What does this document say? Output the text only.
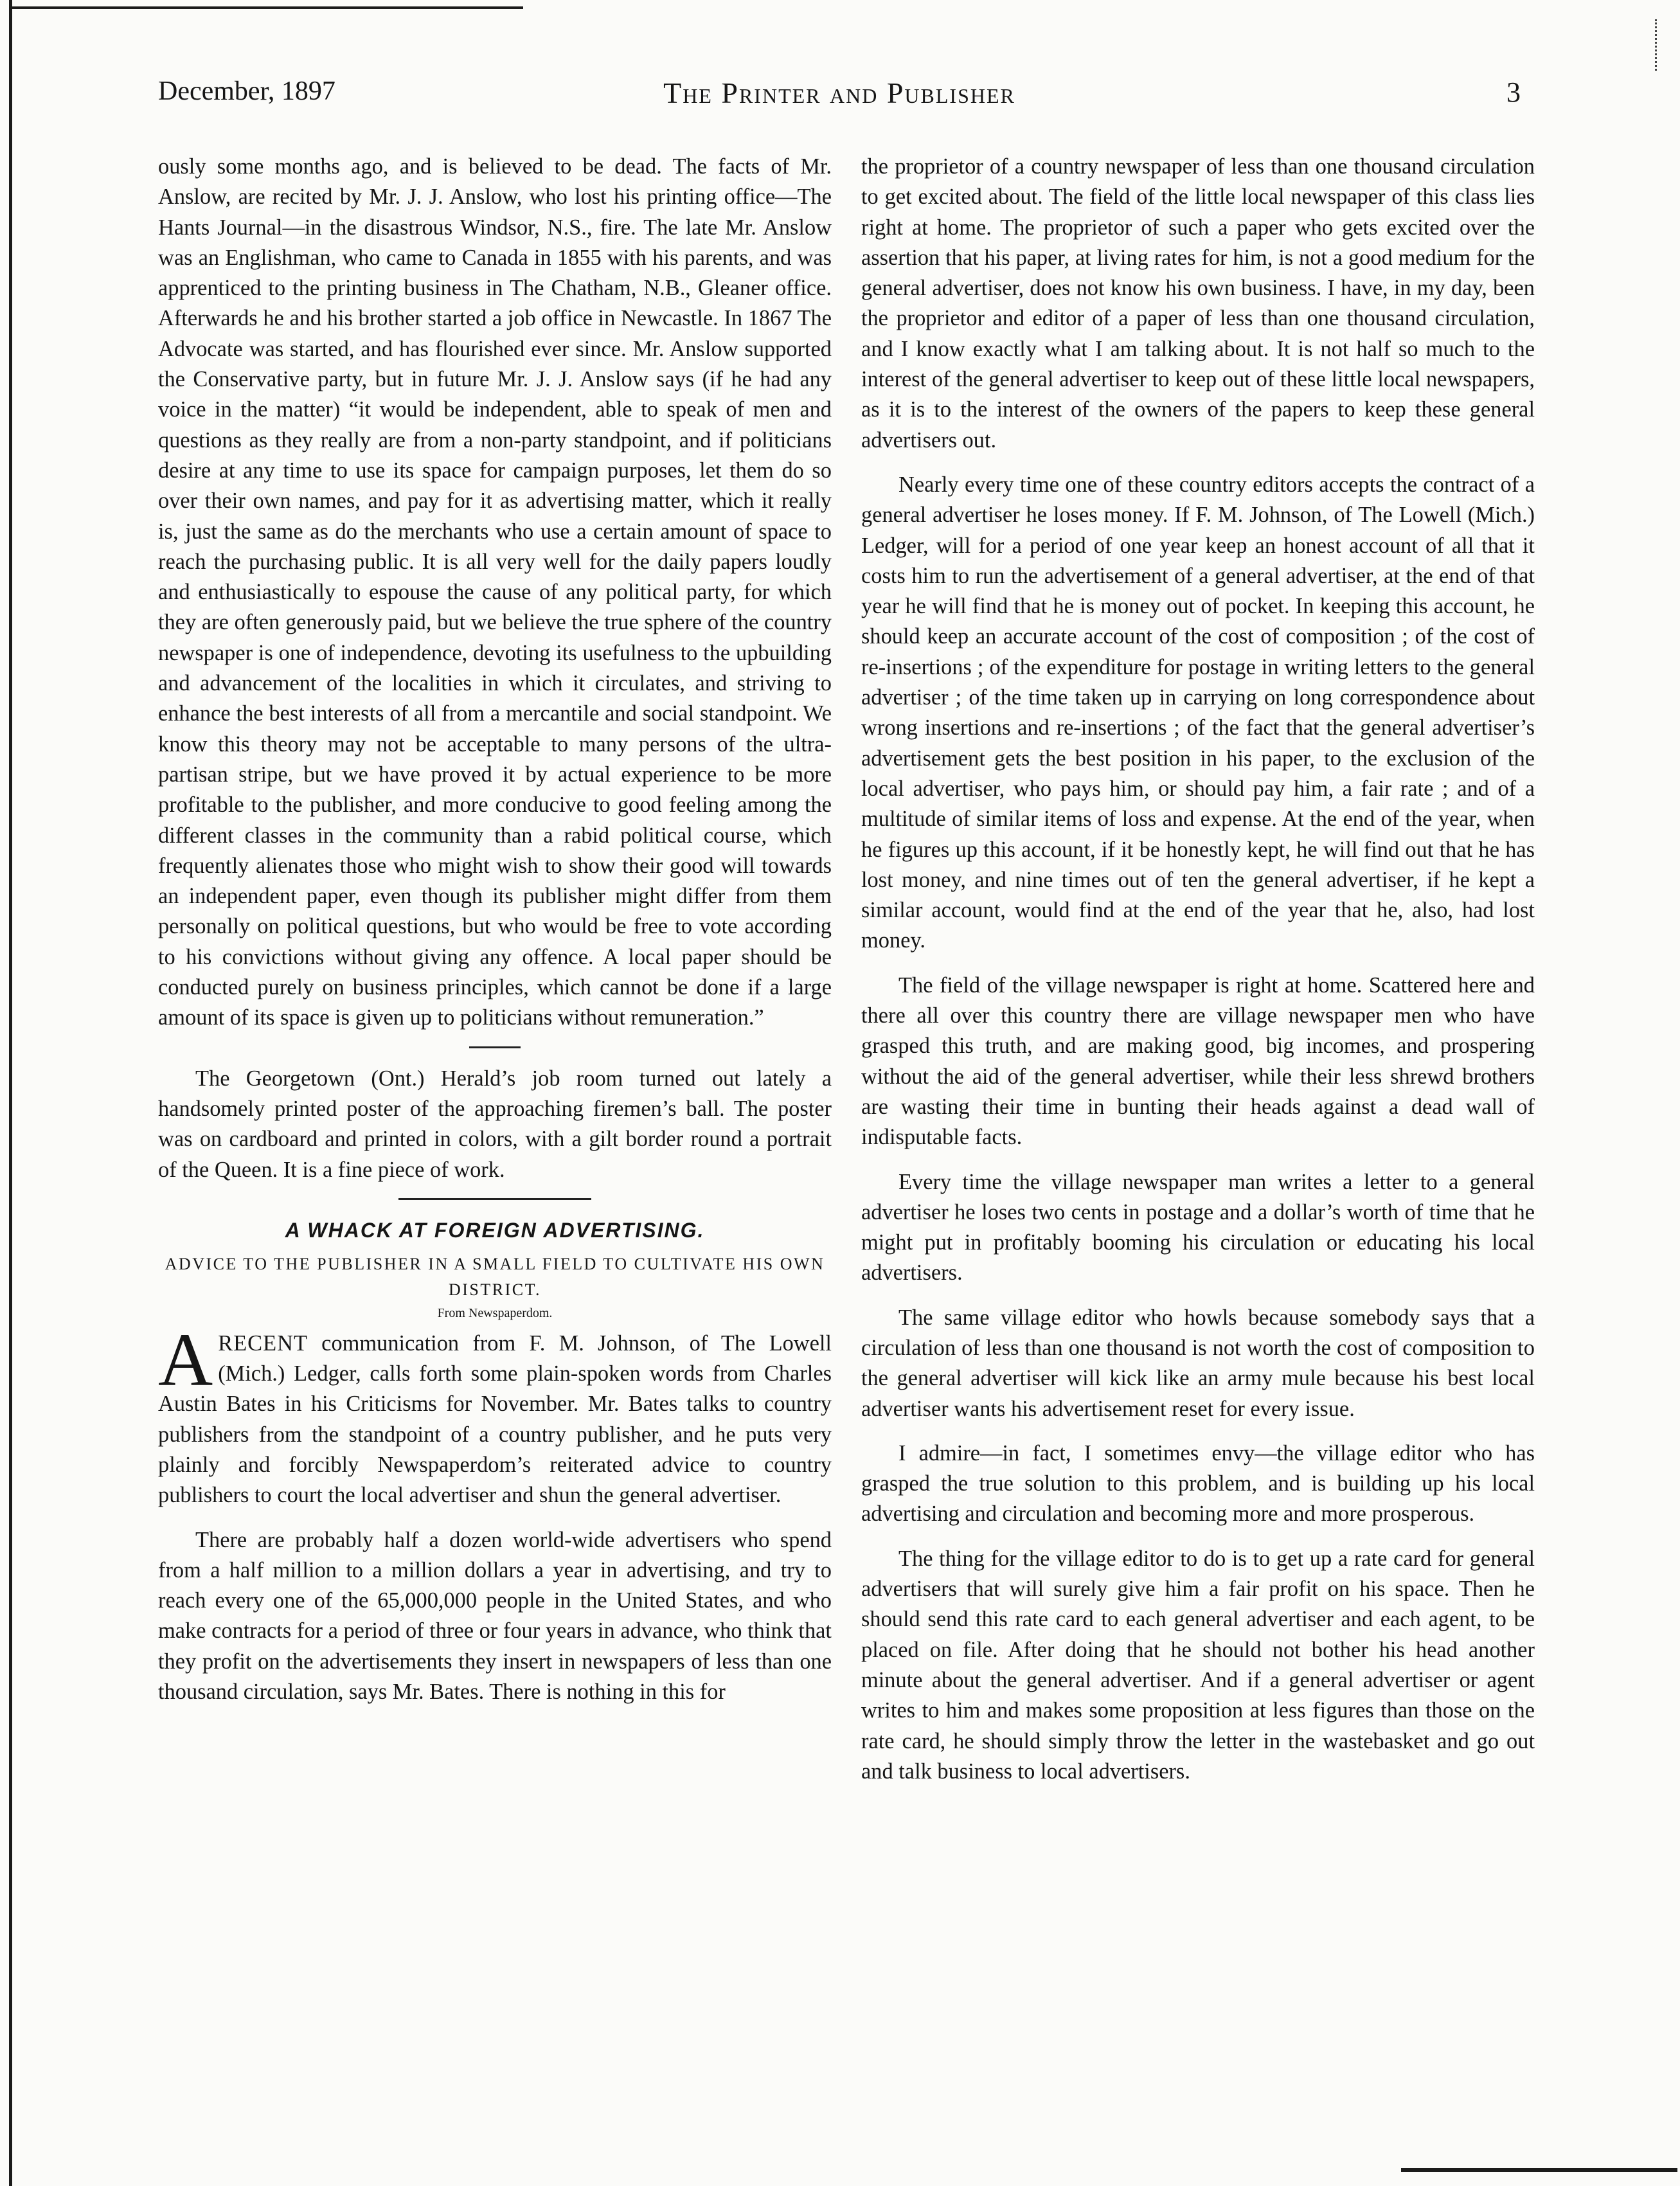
December, 1897	The Printer and Publisher	3

ously some months ago, and is believed to be dead. The facts of Mr. Anslow, are recited by Mr. J. J. Anslow, who lost his printing office—The Hants Journal—in the disastrous Windsor, N.S., fire. The late Mr. Anslow was an Englishman, who came to Canada in 1855 with his parents, and was apprenticed to the printing business in The Chatham, N.B., Gleaner office. Afterwards he and his brother started a job office in Newcastle. In 1867 The Advocate was started, and has flourished ever since. Mr. Anslow supported the Conservative party, but in future Mr. J. J. Anslow says (if he had any voice in the matter) “it would be independent, able to speak of men and questions as they really are from a non-party standpoint, and if politicians desire at any time to use its space for campaign purposes, let them do so over their own names, and pay for it as advertising matter, which it really is, just the same as do the merchants who use a certain amount of space to reach the purchasing public. It is all very well for the daily papers loudly and enthusiastically to espouse the cause of any political party, for which they are often generously paid, but we believe the true sphere of the country newspaper is one of independence, devoting its usefulness to the upbuilding and advancement of the localities in which it circulates, and striving to enhance the best interests of all from a mercantile and social standpoint. We know this theory may not be acceptable to many persons of the ultra-partisan stripe, but we have proved it by actual experience to be more profitable to the publisher, and more conducive to good feeling among the different classes in the community than a rabid political course, which frequently alienates those who might wish to show their good will towards an independent paper, even though its publisher might differ from them personally on political questions, but who would be free to vote according to his convictions without giving any offence. A local paper should be conducted purely on business principles, which cannot be done if a large amount of its space is given up to politicians without remuneration.”

The Georgetown (Ont.) Herald’s job room turned out lately a handsomely printed poster of the approaching firemen’s ball. The poster was on cardboard and printed in colors, with a gilt border round a portrait of the Queen. It is a fine piece of work.

A WHACK AT FOREIGN ADVERTISING.
ADVICE TO THE PUBLISHER IN A SMALL FIELD TO CULTIVATE HIS OWN DISTRICT.
From Newspaperdom.

ARECENT communication from F. M. Johnson, of The Lowell (Mich.) Ledger, calls forth some plain-spoken words from Charles Austin Bates in his Criticisms for November. Mr. Bates talks to country publishers from the standpoint of a country publisher, and he puts very plainly and forcibly Newspaperdom’s reiterated advice to country publishers to court the local advertiser and shun the general advertiser.

There are probably half a dozen world-wide advertisers who spend from a half million to a million dollars a year in advertising, and try to reach every one of the 65,000,000 people in the United States, and who make contracts for a period of three or four years in advance, who think that they profit on the advertisements they insert in newspapers of less than one thousand circulation, says Mr. Bates. There is nothing in this for

the proprietor of a country newspaper of less than one thousand circulation to get excited about. The field of the little local newspaper of this class lies right at home. The proprietor of such a paper who gets excited over the assertion that his paper, at living rates for him, is not a good medium for the general advertiser, does not know his own business. I have, in my day, been the proprietor and editor of a paper of less than one thousand circulation, and I know exactly what I am talking about. It is not half so much to the interest of the general advertiser to keep out of these little local newspapers, as it is to the interest of the owners of the papers to keep these general advertisers out.

Nearly every time one of these country editors accepts the contract of a general advertiser he loses money. If F. M. Johnson, of The Lowell (Mich.) Ledger, will for a period of one year keep an honest account of all that it costs him to run the advertisement of a general advertiser, at the end of that year he will find that he is money out of pocket. In keeping this account, he should keep an accurate account of the cost of composition ; of the cost of re-insertions ; of the expenditure for postage in writing letters to the general advertiser ; of the time taken up in carrying on long correspondence about wrong insertions and re-insertions ; of the fact that the general advertiser’s advertisement gets the best position in his paper, to the exclusion of the local advertiser, who pays him, or should pay him, a fair rate ; and of a multitude of similar items of loss and expense. At the end of the year, when he figures up this account, if it be honestly kept, he will find out that he has lost money, and nine times out of ten the general advertiser, if he kept a similar account, would find at the end of the year that he, also, had lost money.

The field of the village newspaper is right at home. Scattered here and there all over this country there are village newspaper men who have grasped this truth, and are making good, big incomes, and prospering without the aid of the general advertiser, while their less shrewd brothers are wasting their time in bunting their heads against a dead wall of indisputable facts.

Every time the village newspaper man writes a letter to a general advertiser he loses two cents in postage and a dollar’s worth of time that he might put in profitably booming his circulation or educating his local advertisers.

The same village editor who howls because somebody says that a circulation of less than one thousand is not worth the cost of composition to the general advertiser will kick like an army mule because his best local advertiser wants his advertisement reset for every issue.

I admire—in fact, I sometimes envy—the village editor who has grasped the true solution to this problem, and is building up his local advertising and circulation and becoming more and more prosperous.

The thing for the village editor to do is to get up a rate card for general advertisers that will surely give him a fair profit on his space. Then he should send this rate card to each general advertiser and each agent, to be placed on file. After doing that he should not bother his head another minute about the general advertiser. And if a general advertiser or agent writes to him and makes some proposition at less figures than those on the rate card, he should simply throw the letter in the wastebasket and go out and talk business to local advertisers.
